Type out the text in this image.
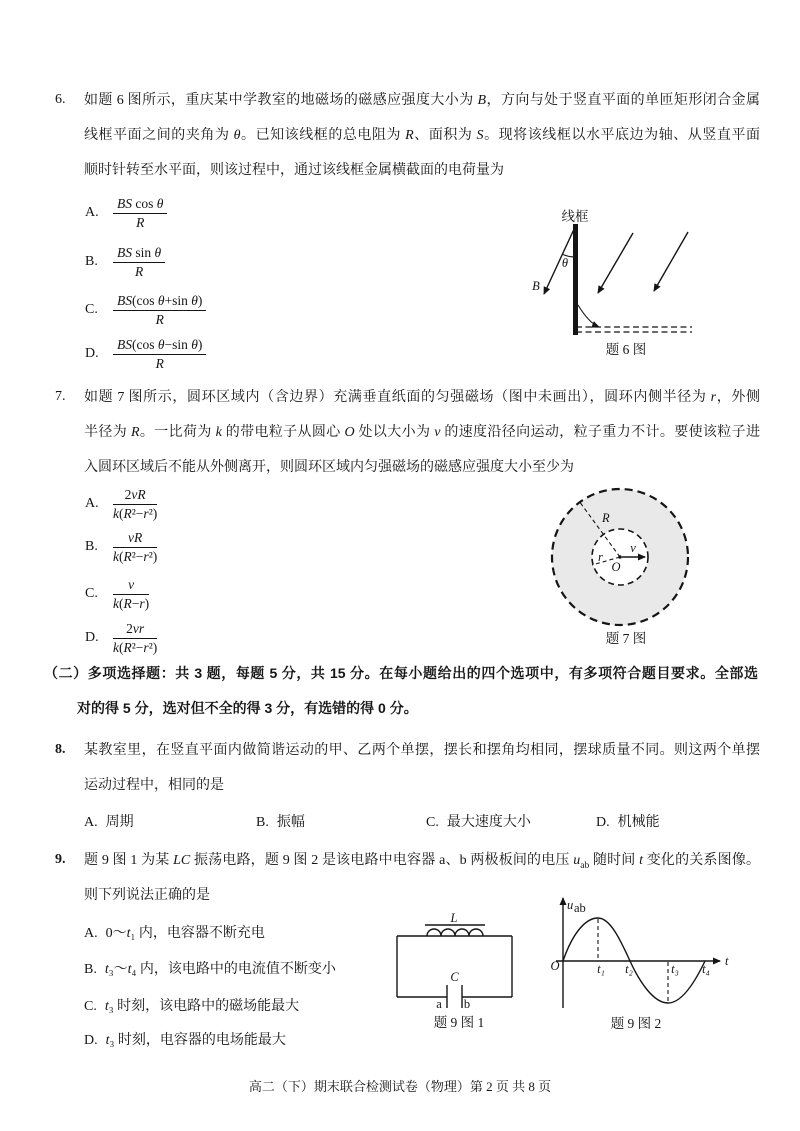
6. 如题 6 图所示，重庆某中学教室的地磁场的磁感应强度大小为 B，方向与处于竖直平面的单匝矩形闭合金属
线框平面之间的夹角为 θ。已知该线框的总电阻为 R、面积为 S。现将该线框以水平底边为轴、从竖直平面
顺时针转至水平面，则该过程中，通过该线框金属横截面的电荷量为
A.	$\frac{\text{BS cos θ}}{R}$
B.	$\frac{\text{BS sin θ}}{R}$
C.	$\frac{\text{BS(cos θ+sin θ)}}{R}$
D.	$\frac{\text{BS(cos θ−sin θ)}}{R}$
线框
θ
B
题 6 图
7. 如题 7 图所示，圆环区域内（含边界）充满垂直纸面的匀强磁场（图中未画出），圆环内侧半径为 r，外侧
半径为 R。一比荷为 k 的带电粒子从圆心 O 处以大小为 v 的速度沿径向运动，粒子重力不计。要使该粒子进
入圆环区域后不能从外侧离开，则圆环区域内匀强磁场的磁感应强度大小至少为
A.	$\frac{2vR}{\text{k(R²−r²)}}$
B.	$\frac{vR}{\text{k(R²−r²)}}$
C.	$\frac{v}{k(R-r)}$
D.	$\frac{2vr}{\text{k(R²−r²)}}$
R
r
O
v
题 7 图
（二）多项选择题：共 3 题，每题 5 分，共 15 分。在每小题给出的四个选项中，有多项符合题目要求。全部选
对的得 5 分，选对但不全的得 3 分，有选错的得 0 分。
8. 某教室里，在竖直平面内做简谐运动的甲、乙两个单摆，摆长和摆角均相同，摆球质量不同。则这两个单摆
运动过程中，相同的是
A. 周期	B. 振幅	C. 最大速度大小	D. 机械能
9. 题 9 图 1 为某 LC 振荡电路，题 9 图 2 是该电路中电容器 a、b 两极板间的电压 $u_{ab}$ 随时间 t 变化的关系图像。
则下列说法正确的是
A. 0～t₁ 内，电容器不断充电
B. t₃～t₄ 内，该电路中的电流值不断变小
C. t₃ 时刻，该电路中的磁场能最大
D. t₃ 时刻，电容器的电场能最大
L
C
a b
题 9 图 1
u ab
t
O	t₁ t₂	t₃ t₄
题 9 图 2
高二（下）期末联合检测试卷（物理）第 2 页 共 8 页
